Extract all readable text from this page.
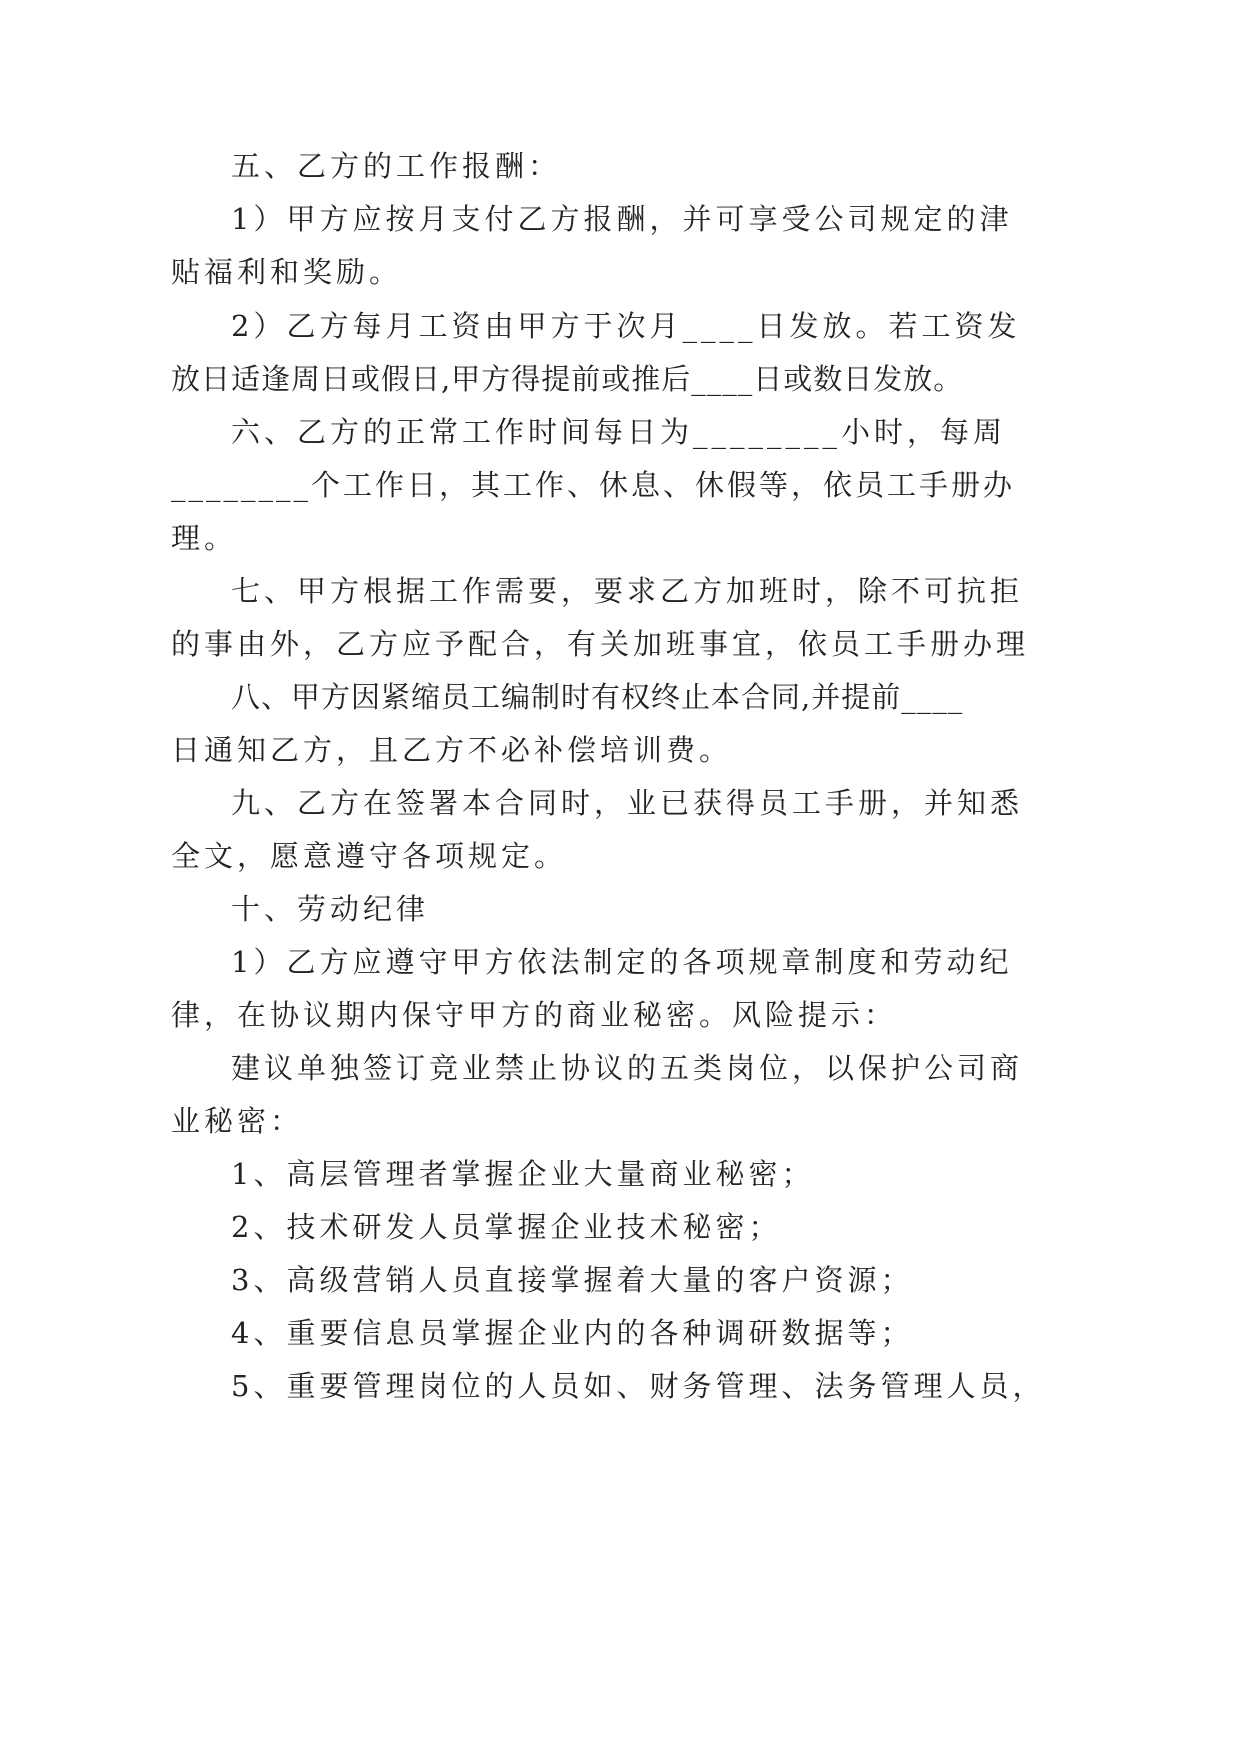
五、乙方的工作报酬：
1）甲方应按月支付乙方报酬，并可享受公司规定的津
贴福利和奖励。
2）乙方每月工资由甲方于次月____日发放。若工资发
放日适逢周日或假日,甲方得提前或推后____日或数日发放。
六、乙方的正常工作时间每日为________小时，每周
________个工作日，其工作、休息、休假等，依员工手册办
理。
七、甲方根据工作需要，要求乙方加班时，除不可抗拒
的事由外，乙方应予配合，有关加班事宜，依员工手册办理
八、甲方因紧缩员工编制时有权终止本合同,并提前____
日通知乙方，且乙方不必补偿培训费。
九、乙方在签署本合同时，业已获得员工手册，并知悉
全文，愿意遵守各项规定。
十、劳动纪律
1）乙方应遵守甲方依法制定的各项规章制度和劳动纪
律，在协议期内保守甲方的商业秘密。风险提示：
建议单独签订竞业禁止协议的五类岗位，以保护公司商
业秘密：
1、高层管理者掌握企业大量商业秘密；
2、技术研发人员掌握企业技术秘密；
3、高级营销人员直接掌握着大量的客户资源；
4、重要信息员掌握企业内的各种调研数据等；
5、重要管理岗位的人员如、财务管理、法务管理人员，
